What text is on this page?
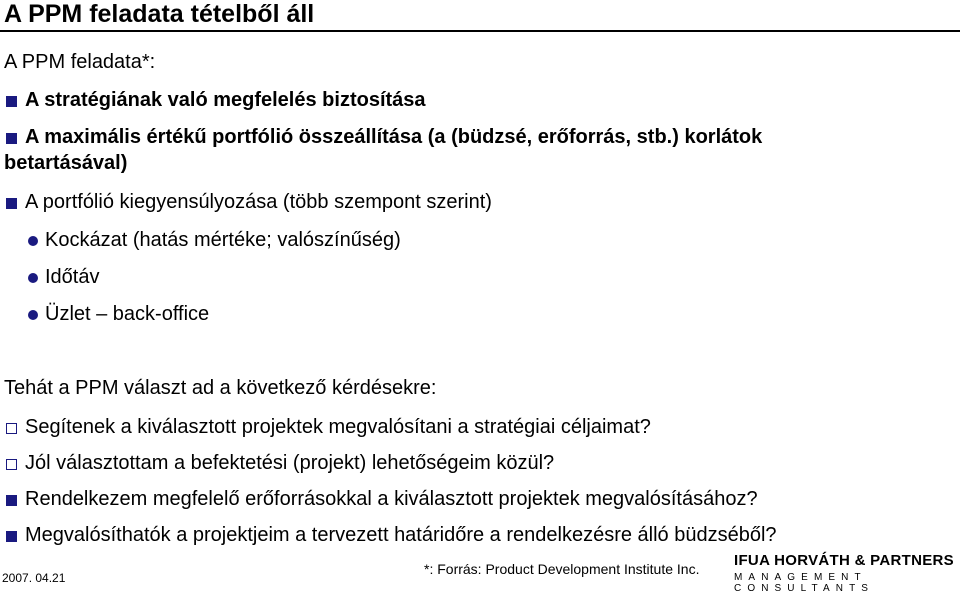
A PPM feladata tételből áll
A PPM feladata*:
A stratégiának való megfelelés biztosítása
A maximális értékű portfólió összeállítása (a (büdzsé, erőforrás, stb.) korlátok
betartásával)
A portfólió kiegyensúlyozása (több szempont szerint)
Kockázat (hatás mértéke; valószínűség)
Időtáv
Üzlet – back-office
Tehát a PPM választ ad a következő kérdésekre:
Segítenek a kiválasztott projektek megvalósítani a stratégiai céljaimat?
Jól választottam a befektetési (projekt) lehetőségeim közül?
Rendelkezem megfelelő erőforrásokkal a kiválasztott projektek megvalósításához?
Megvalósíthatók a projektjeim a tervezett határidőre a rendelkezésre álló büdzséből?
2007. 04.21
*: Forrás: Product Development Institute Inc. IFUA HORVÁTH & PARTNERS
MANAGEMENT CONSULTANTS
